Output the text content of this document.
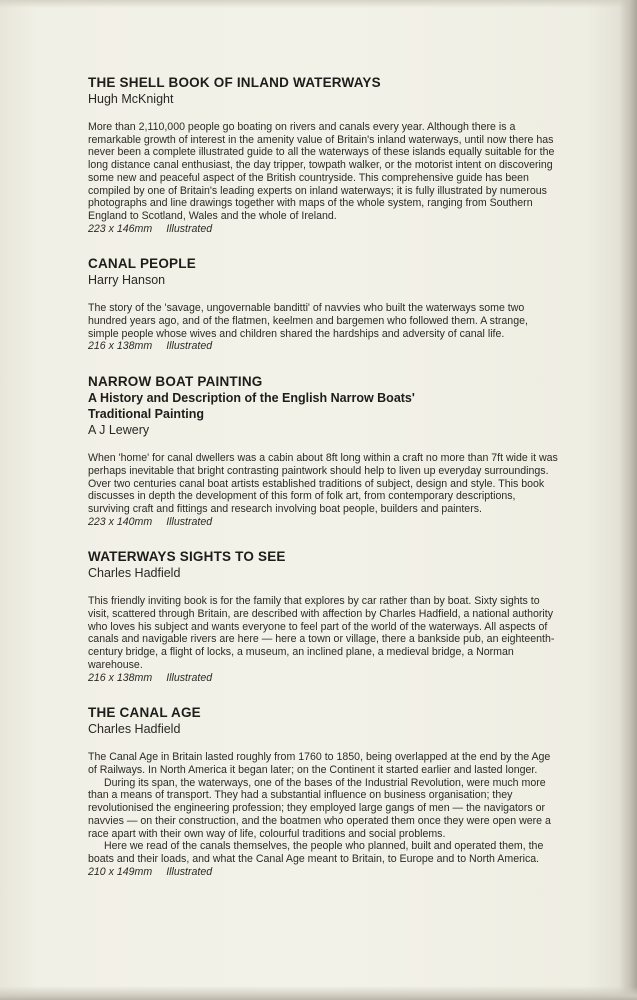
THE SHELL BOOK OF INLAND WATERWAYS
Hugh McKnight

More than 2,110,000 people go boating on rivers and canals every year. Although there is a remarkable growth of interest in the amenity value of Britain's inland waterways, until now there has never been a complete illustrated guide to all the waterways of these islands equally suitable for the long distance canal enthusiast, the day tripper, towpath walker, or the motorist intent on discovering some new and peaceful aspect of the British countryside. This comprehensive guide has been compiled by one of Britain's leading experts on inland waterways; it is fully illustrated by numerous photographs and line drawings together with maps of the whole system, ranging from Southern England to Scotland, Wales and the whole of Ireland.

223 x 146mm Illustrated
CANAL PEOPLE
Harry Hanson

The story of the 'savage, ungovernable banditti' of navvies who built the waterways some two hundred years ago, and of the flatmen, keelmen and bargemen who followed them. A strange, simple people whose wives and children shared the hardships and adversity of canal life.

216 x 138mm Illustrated
NARROW BOAT PAINTING
A History and Description of the English Narrow Boats'
Traditional Painting
A J Lewery

When 'home' for canal dwellers was a cabin about 8ft long within a craft no more than 7ft wide it was perhaps inevitable that bright contrasting paintwork should help to liven up everyday surroundings. Over two centuries canal boat artists established traditions of subject, design and style. This book discusses in depth the development of this form of folk art, from contemporary descriptions, surviving craft and fittings and research involving boat people, builders and painters.

223 x 140mm Illustrated
WATERWAYS SIGHTS TO SEE
Charles Hadfield

This friendly inviting book is for the family that explores by car rather than by boat. Sixty sights to visit, scattered through Britain, are described with affection by Charles Hadfield, a national authority who loves his subject and wants everyone to feel part of the world of the waterways. All aspects of canals and navigable rivers are here — here a town or village, there a bankside pub, an eighteenth-century bridge, a flight of locks, a museum, an inclined plane, a medieval bridge, a Norman warehouse.

216 x 138mm Illustrated
THE CANAL AGE
Charles Hadfield

The Canal Age in Britain lasted roughly from 1760 to 1850, being overlapped at the end by the Age of Railways. In North America it began later; on the Continent it started earlier and lasted longer.

During its span, the waterways, one of the bases of the Industrial Revolution, were much more than a means of transport. They had a substantial influence on business organisation; they revolutionised the engineering profession; they employed large gangs of men — the navigators or navvies — on their construction, and the boatmen who operated them once they were open were a race apart with their own way of life, colourful traditions and social problems.

Here we read of the canals themselves, the people who planned, built and operated them, the boats and their loads, and what the Canal Age meant to Britain, to Europe and to North America.

210 x 149mm Illustrated
